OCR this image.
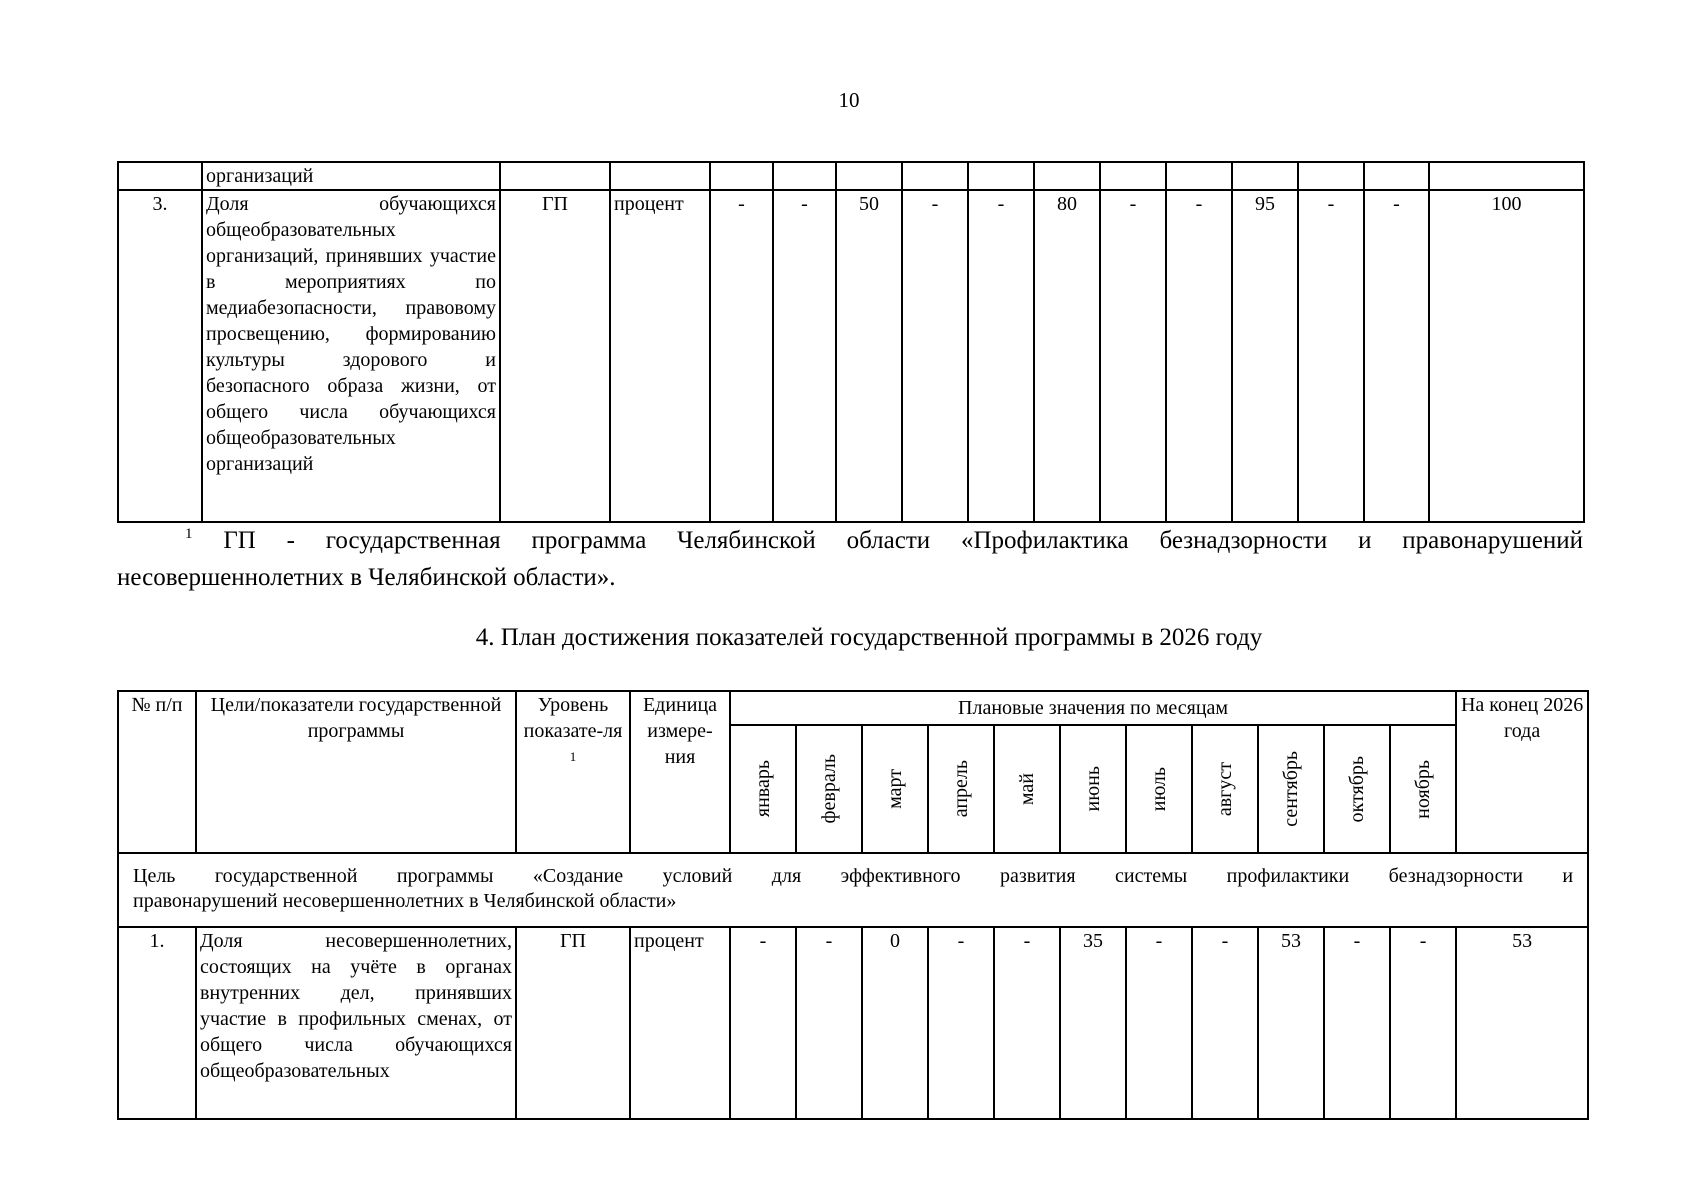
10
	организаций														
3.	Доля обучающихся общеобразовательных организаций, принявших участие в мероприятиях по медиабезопасности, правовому просвещению, формированию культуры здорового и безопасного образа жизни, от общего числа обучающихся общеобразовательных организаций	ГП	процент	-	-	50	-	-	80	-	-	95	-	-	100
$^1$ ГП - государственная программа Челябинской области «Профилактика безнадзорности и правонарушений
несовершеннолетних в Челябинской области».
4. План достижения показателей государственной программы в 2026 году
№ п/п	Цели/показатели государственной программы	Уровень показате-ля $^1$	Единица измере-ния	Плановые значения по месяцам											На конец 2026 года

				январь	февраль	март	апрель	май	июнь	июль	август	сентябрь	октябрь	ноябрь	

Цель государственной программы «Создание условий для эффективного развития системы профилактики безнадзорности и
правонарушений несовершеннолетних в Челябинской области»															
1.	Доля несовершеннолетних, состоящих на учёте в органах внутренних дел, принявших участие в профильных сменах, от общего числа обучающихся общеобразовательных	ГП	процент	-	-	0	-	-	35	-	-	53	-	-	53
